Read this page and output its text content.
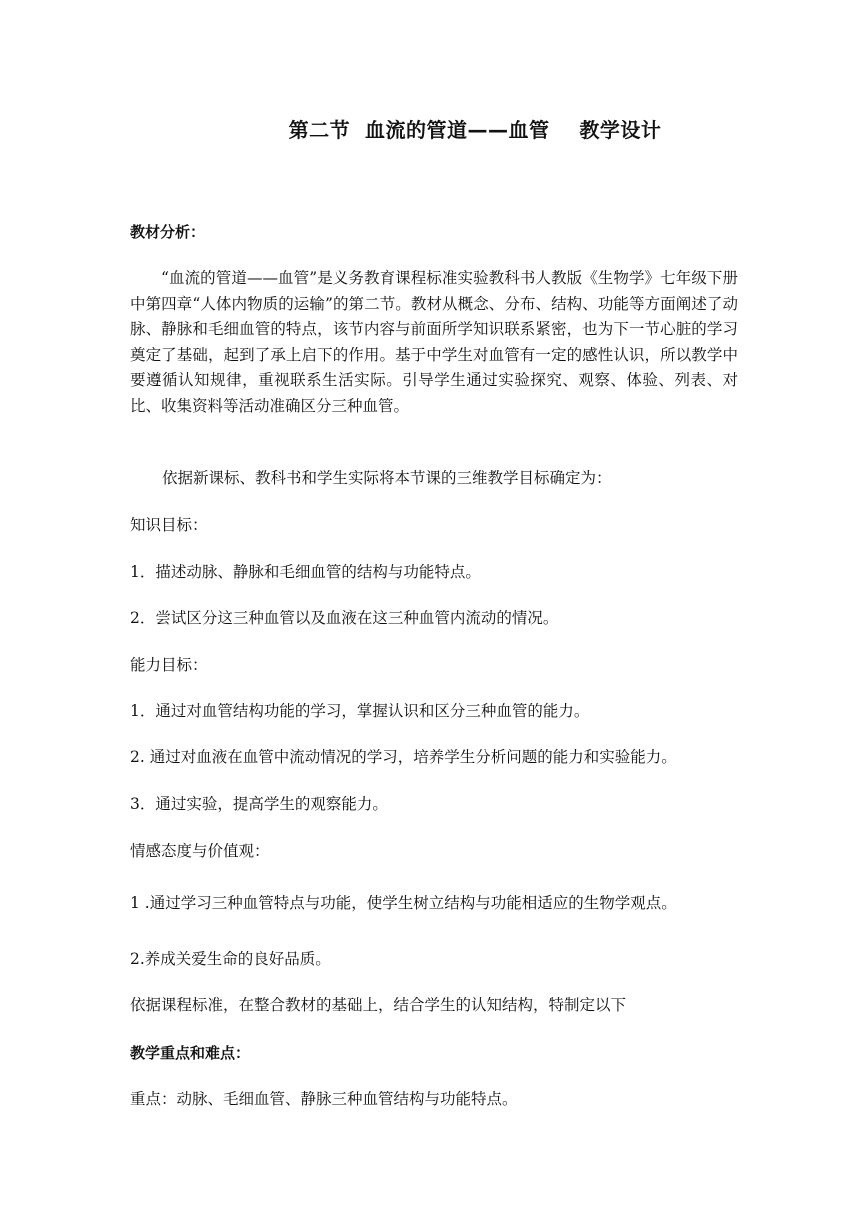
第二节  血流的管道——血管    教学设计
教材分析：
“血流的管道——血管”是义务教育课程标准实验教科书人教版《生物学》七年级下册中第四章“人体内物质的运输”的第二节。教材从概念、分布、结构、功能等方面阐述了动脉、静脉和毛细血管的特点，该节内容与前面所学知识联系紧密，也为下一节心脏的学习奠定了基础，起到了承上启下的作用。基于中学生对血管有一定的感性认识，所以教学中要遵循认知规律，重视联系生活实际。引导学生通过实验探究、观察、体验、列表、对比、收集资料等活动准确区分三种血管。
依据新课标、教科书和学生实际将本节课的三维教学目标确定为：
知识目标：
1．描述动脉、静脉和毛细血管的结构与功能特点。
2．尝试区分这三种血管以及血液在这三种血管内流动的情况。
能力目标：
1．通过对血管结构功能的学习，掌握认识和区分三种血管的能力。
2. 通过对血液在血管中流动情况的学习，培养学生分析问题的能力和实验能力。
3．通过实验，提高学生的观察能力。
情感态度与价值观：
1 .通过学习三种血管特点与功能，使学生树立结构与功能相适应的生物学观点。
2.养成关爱生命的良好品质。
依据课程标准，在整合教材的基础上，结合学生的认知结构，特制定以下
教学重点和难点：
重点：动脉、毛细血管、静脉三种血管结构与功能特点。
